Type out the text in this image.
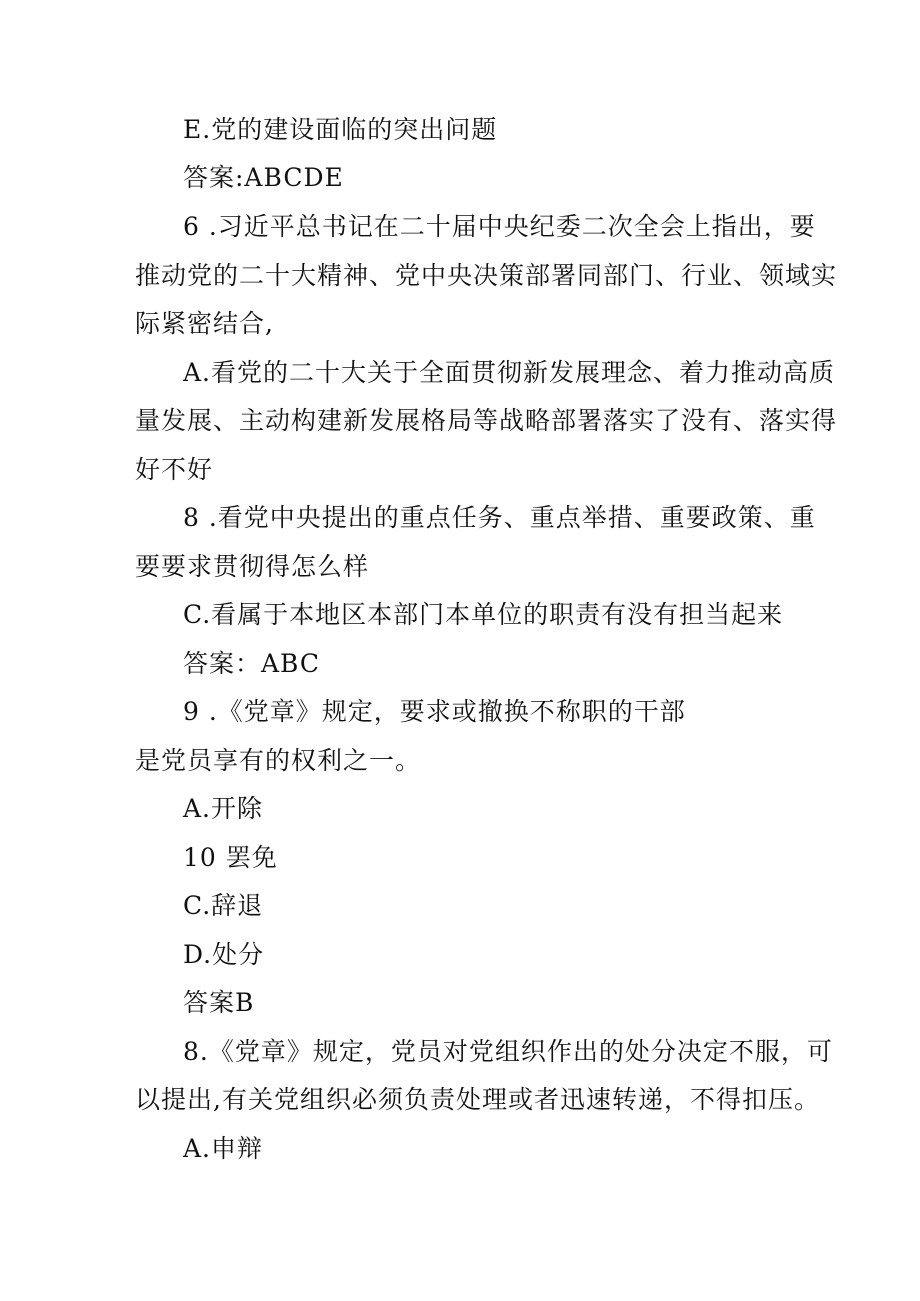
E.党的建设面临的突出问题
答案:ABCDE
6 .习近平总书记在二十届中央纪委二次全会上指出，要
推动党的二十大精神、党中央决策部署同部门、行业、领域实
际紧密结合,
A.看党的二十大关于全面贯彻新发展理念、着力推动高质
量发展、主动构建新发展格局等战略部署落实了没有、落实得
好不好
8 .看党中央提出的重点任务、重点举措、重要政策、重
要要求贯彻得怎么样
C.看属于本地区本部门本单位的职责有没有担当起来
答案：ABC
9 .《党章》规定，要求或撤换不称职的干部
是党员享有的权利之一。
A.开除
10 罢免
C.辞退
D.处分
答案B
8.《党章》规定，党员对党组织作出的处分决定不服，可
以提出,有关党组织必须负责处理或者迅速转递，不得扣压。
A.申辩
